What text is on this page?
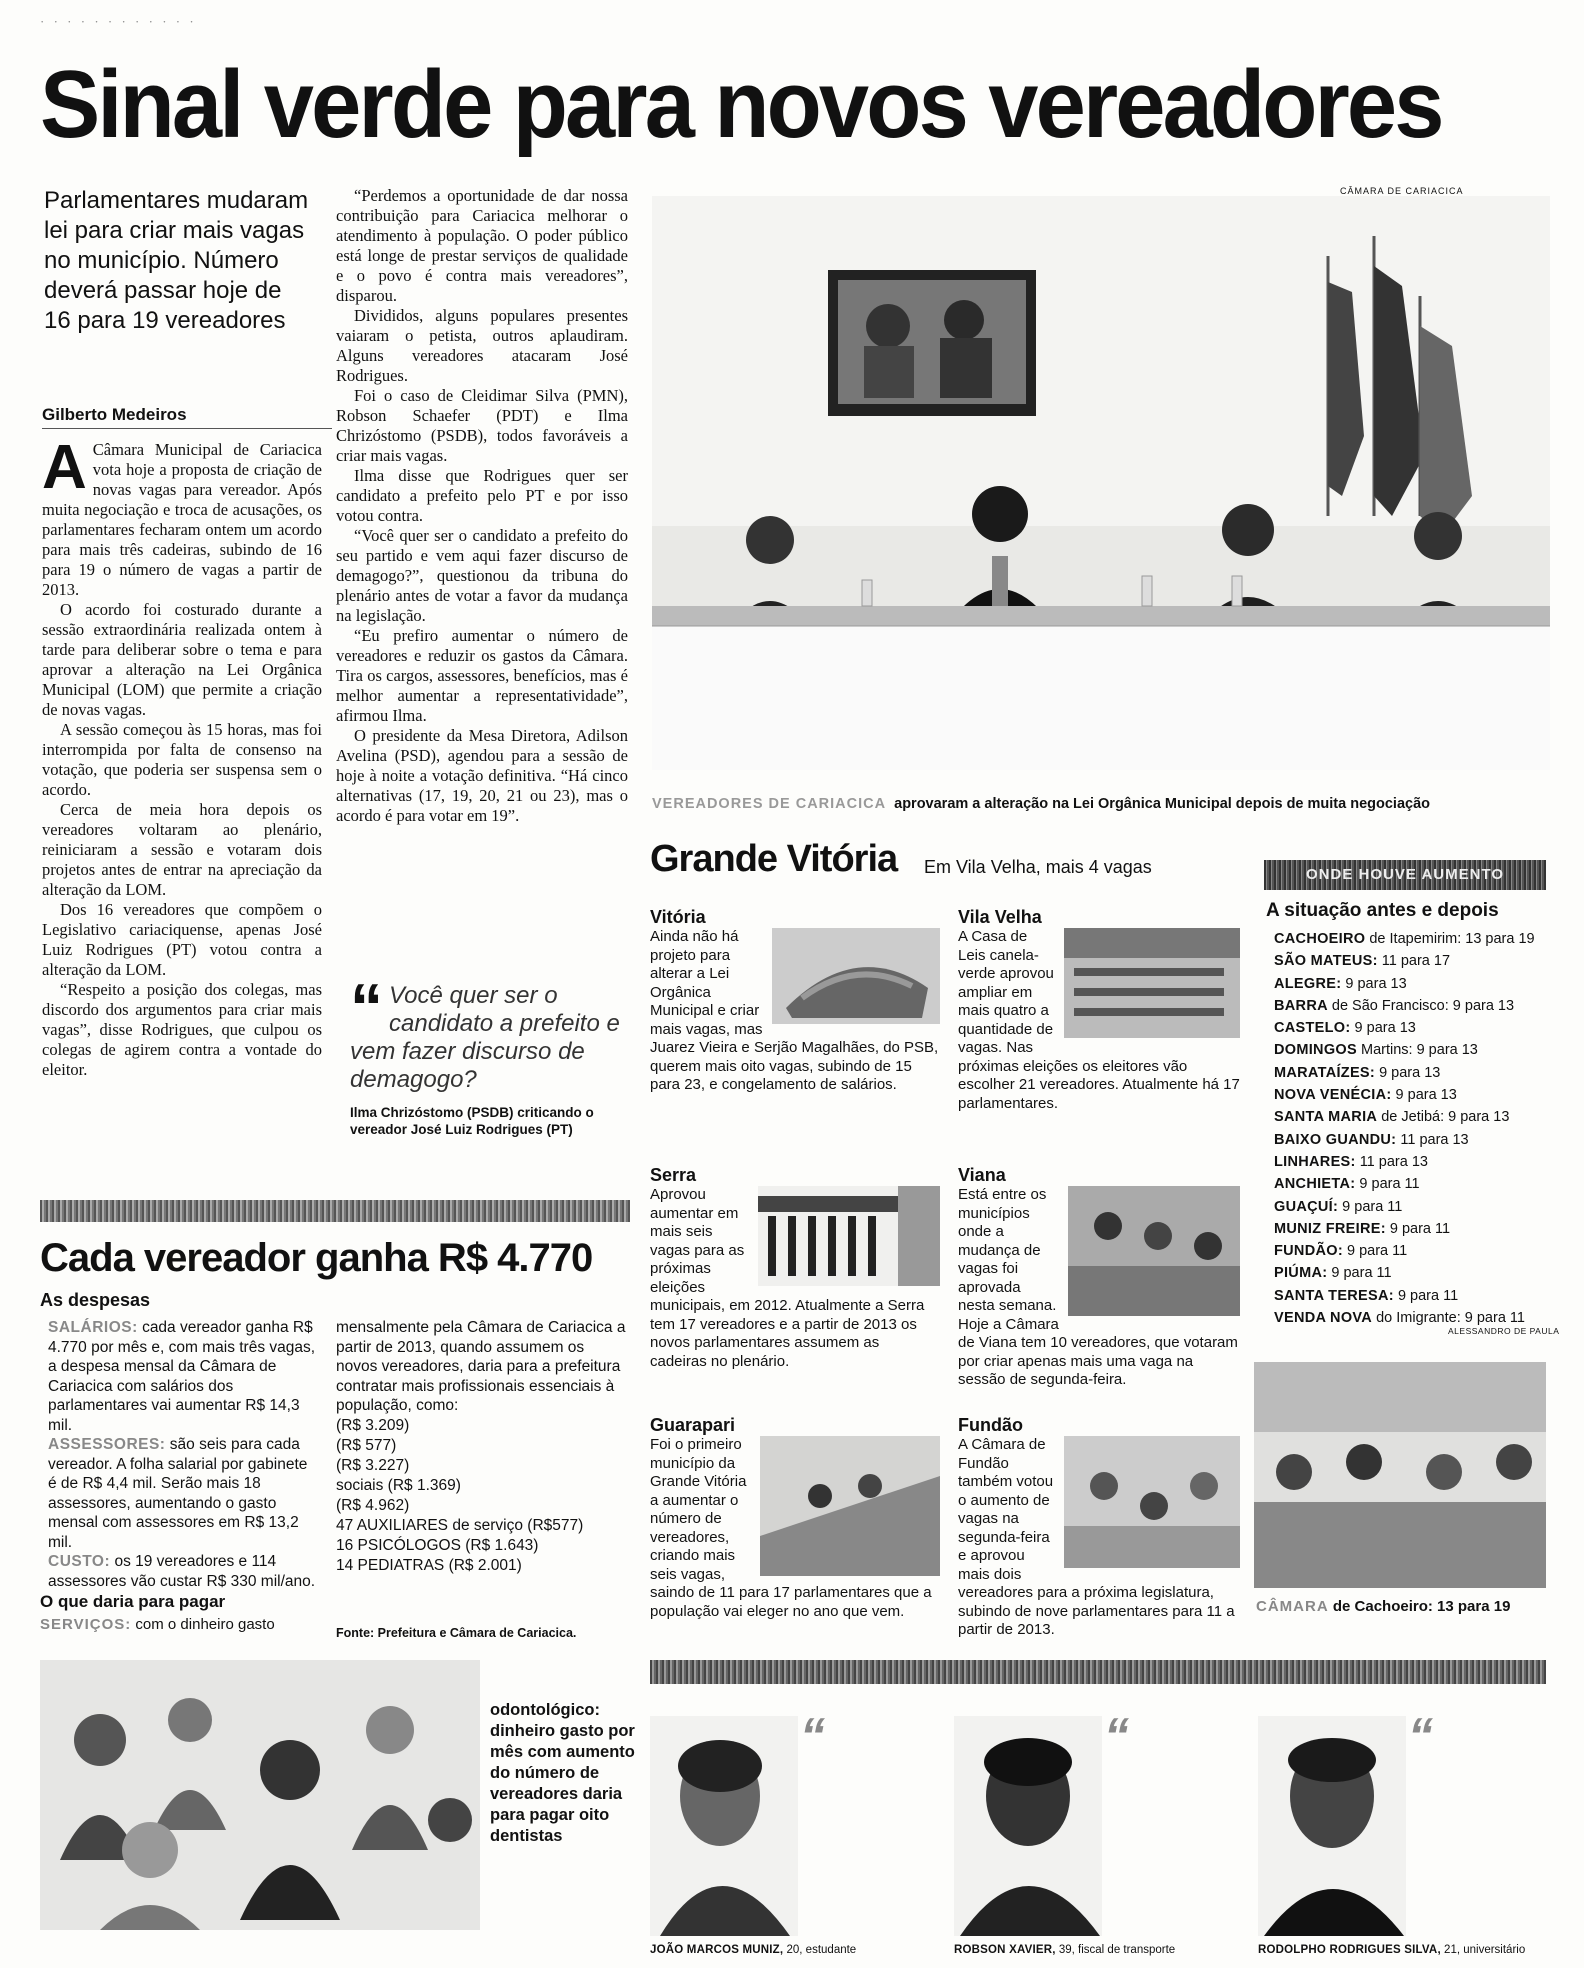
· · · · · · · · · · · ·
Sinal verde para novos vereadores
Parlamentares mudaram lei para criar mais vagas no município. Número deverá passar hoje de 16 para 19 vereadores
Gilberto Medeiros

A Câmara Municipal de Cariacica vota hoje a proposta de criação de novas vagas para vereador. Após muita negociação e troca de acusações, os parlamentares fecharam ontem um acordo para mais três cadeiras, subindo de 16 para 19 o número de vagas a partir de 2013.

O acordo foi costurado durante a sessão extraordinária realizada ontem à tarde para deliberar sobre o tema e para aprovar a alteração na Lei Orgânica Municipal (LOM) que permite a criação de novas vagas.

A sessão começou às 15 horas, mas foi interrompida por falta de consenso na votação, que poderia ser suspensa sem o acordo.

Cerca de meia hora depois os vereadores voltaram ao plenário, reiniciaram a sessão e votaram dois projetos antes de entrar na apreciação da alteração da LOM.

Dos 16 vereadores que compõem o Legislativo cariaciquense, apenas José Luiz Rodrigues (PT) votou contra a alteração da LOM.

“Respeito a posição dos colegas, mas discordo dos argumentos para criar mais vagas”, disse Rodrigues, que culpou os colegas de agirem contra a vontade do eleitor.

“Perdemos a oportunidade de dar nossa contribuição para Cariacica melhorar o atendimento à população. O poder público está longe de prestar serviços de qualidade e o povo é contra mais vereadores”, disparou.

Divididos, alguns populares presentes vaiaram o petista, outros aplaudiram. Alguns vereadores atacaram José Rodrigues.

Foi o caso de Cleidimar Silva (PMN), Robson Schaefer (PDT) e Ilma Chrizóstomo (PSDB), todos favoráveis a criar mais vagas.

Ilma disse que Rodrigues quer ser candidato a prefeito pelo PT e por isso votou contra.

“Você quer ser o candidato a prefeito do seu partido e vem aqui fazer discurso de demagogo?”, questionou da tribuna do plenário antes de votar a favor da mudança na legislação.

“Eu prefiro aumentar o número de vereadores e reduzir os gastos da Câmara. Tira os cargos, assessores, benefícios, mas é melhor aumentar a representatividade”, afirmou Ilma.

O presidente da Mesa Diretora, Adilson Avelina (PSD), agendou para a sessão de hoje à noite a votação definitiva. “Há cinco alternativas (17, 19, 20, 21 ou 23), mas o acordo é para votar em 19”.

“ Você quer ser o candidato a prefeito e vem fazer discurso de demagogo?
Ilma Chrizóstomo (PSDB) criticando o vereador José Luiz Rodrigues (PT)
CÂMARA DE CARIACICA
VEREADORES DE CARIACICA aprovaram a alteração na Lei Orgânica Municipal depois de muita negociação
Cada vereador ganha R$ 4.770
As despesas

SALÁRIOS: cada vereador ganha R$ 4.770 por mês e, com mais três vagas, a despesa mensal da Câmara de Cariacica com salários dos parlamentares vai aumentar R$ 14,3 mil.

ASSESSORES: são seis para cada vereador. A folha salarial por gabinete é de R$ 4,4 mil. Serão mais 18 assessores, aumentando o gasto mensal com assessores em R$ 13,2 mil.

CUSTO: os 19 vereadores e 114 assessores vão custar R$ 330 mil/ano.

mensalmente pela Câmara de Cariacica a partir de 2013, quando assumem os novos vereadores, daria para a prefeitura contratar mais profissionais essenciais à população, como:

(R$ 3.209)
(R$ 577)
(R$ 3.227)
sociais (R$ 1.369)
(R$ 4.962)
47 AUXILIARES de serviço (R$577)
16 PSICÓLOGOS (R$ 1.643)
14 PEDIATRAS (R$ 2.001)
O que daria para pagar
SERVIÇOS: com o dinheiro gasto	Fonte: Prefeitura e Câmara de Cariacica.
odontológico: dinheiro gasto por mês com aumento do número de vereadores daria para pagar oito dentistas
Grande Vitória Em Vila Velha, mais 4 vagas
Vitória

Ainda não há projeto para alterar a Lei Orgânica Municipal e criar mais vagas, mas Juarez Vieira e Serjão Magalhães, do PSB, querem mais oito vagas, subindo de 15 para 23, e congelamento de salários.

Vila Velha

A Casa de Leis canela-verde aprovou ampliar em mais quatro a quantidade de vagas. Nas próximas eleições os eleitores vão escolher 21 vereadores. Atualmente há 17 parlamentares.

Serra

Aprovou aumentar em mais seis vagas para as próximas eleições municipais, em 2012. Atualmente a Serra tem 17 vereadores e a partir de 2013 os novos parlamentares assumem as cadeiras no plenário.

Viana

Está entre os municípios onde a mudança de vagas foi aprovada nesta semana. Hoje a Câmara de Viana tem 10 vereadores, que votaram por criar apenas mais uma vaga na sessão de segunda-feira.

Guarapari

Foi o primeiro município da Grande Vitória a aumentar o número de vereadores, criando mais seis vagas, saindo de 11 para 17 parlamentares que a população vai eleger no ano que vem.

Fundão

A Câmara de Fundão também votou o aumento de vagas na segunda-feira e aprovou mais dois vereadores para a próxima legislatura, subindo de nove parlamentares para 11 a partir de 2013.

ONDE HOUVE AUMENTO
A situação antes e depois
CACHOEIRO de Itapemirim: 13 para 19
SÃO MATEUS: 11 para 17
ALEGRE: 9 para 13
BARRA de São Francisco: 9 para 13
CASTELO: 9 para 13
DOMINGOS Martins: 9 para 13
MARATAÍZES: 9 para 13
NOVA VENÉCIA: 9 para 13
SANTA MARIA de Jetibá: 9 para 13
BAIXO GUANDU: 11 para 13
LINHARES: 11 para 13
ANCHIETA: 9 para 11
GUAÇUÍ: 9 para 11
MUNIZ FREIRE: 9 para 11
FUNDÃO: 9 para 11
PIÚMA: 9 para 11
SANTA TERESA: 9 para 11
VENDA NOVA do Imigrante: 9 para 11
ALESSANDRO DE PAULA
CÂMARA de Cachoeiro: 13 para 19
“
JOÃO MARCOS MUNIZ, 20, estudante
“
ROBSON XAVIER, 39, fiscal de transporte
“
RODOLPHO RODRIGUES SILVA, 21, universitário
